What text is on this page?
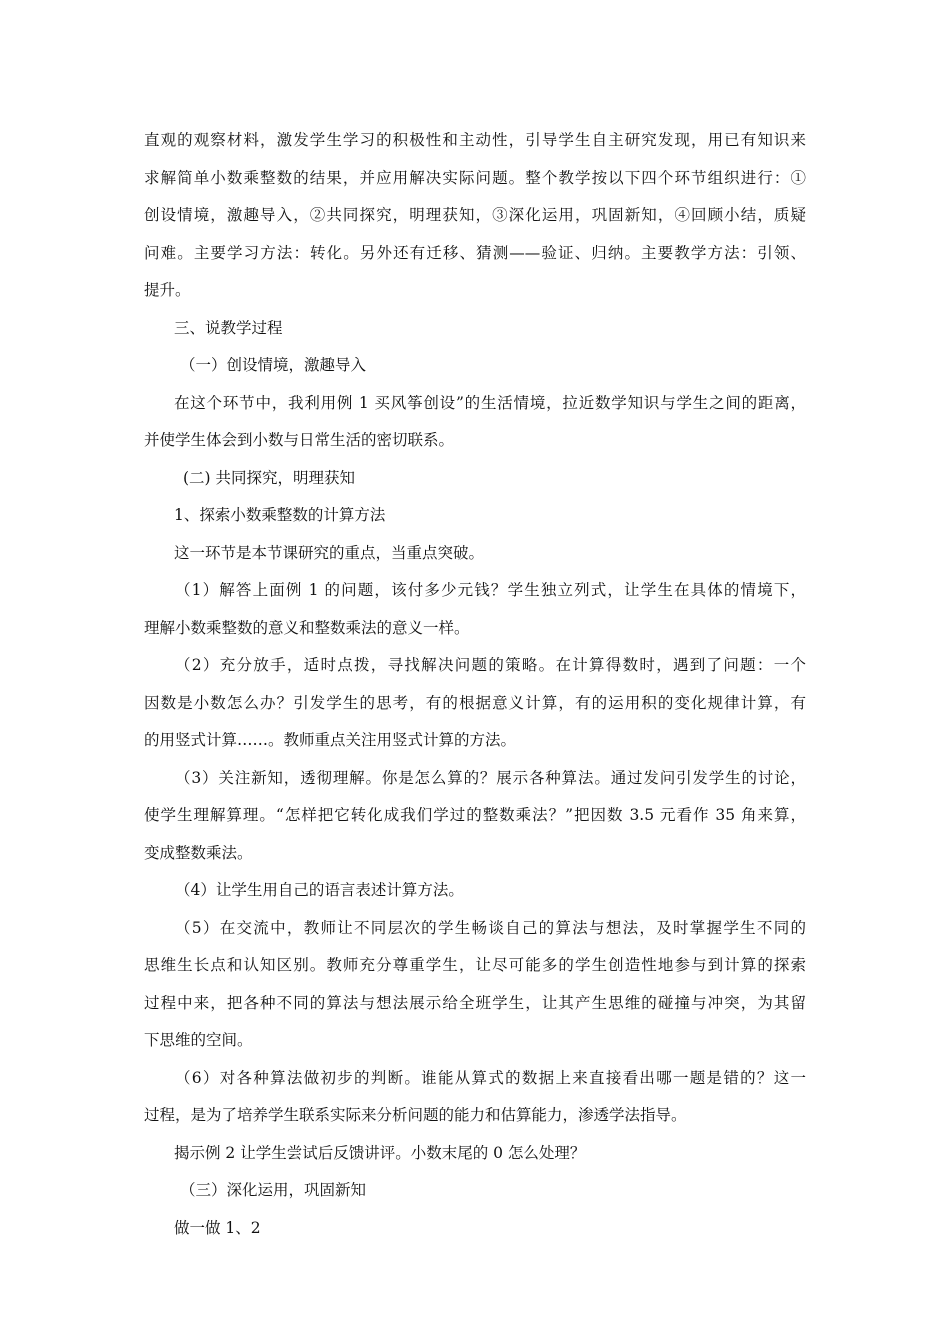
直观的观察材料，激发学生学习的积极性和主动性，引导学生自主研究发现，用已有知识来
求解简单小数乘整数的结果，并应用解决实际问题。整个教学按以下四个环节组织进行：①
创设情境，激趣导入，②共同探究，明理获知，③深化运用，巩固新知，④回顾小结，质疑
问难。主要学习方法：转化。另外还有迁移、猜测——验证、归纳。主要教学方法：引领、
提升。
三、说教学过程
（一）创设情境，激趣导入
在这个环节中，我利用例 1 买风筝创设”的生活情境，拉近数学知识与学生之间的距离，
并使学生体会到小数与日常生活的密切联系。
(二) 共同探究，明理获知
1、探索小数乘整数的计算方法
这一环节是本节课研究的重点，当重点突破。
（1）解答上面例 1 的问题，该付多少元钱？学生独立列式，让学生在具体的情境下，
理解小数乘整数的意义和整数乘法的意义一样。
（2）充分放手，适时点拨，寻找解决问题的策略。在计算得数时，遇到了问题：一个
因数是小数怎么办？引发学生的思考，有的根据意义计算，有的运用积的变化规律计算，有
的用竖式计算……。教师重点关注用竖式计算的方法。
（3）关注新知，透彻理解。你是怎么算的？展示各种算法。通过发问引发学生的讨论，
使学生理解算理。“怎样把它转化成我们学过的整数乘法？”把因数 3.5 元看作 35 角来算，
变成整数乘法。
（4）让学生用自己的语言表述计算方法。
（5）在交流中，教师让不同层次的学生畅谈自己的算法与想法，及时掌握学生不同的
思维生长点和认知区别。教师充分尊重学生，让尽可能多的学生创造性地参与到计算的探索
过程中来，把各种不同的算法与想法展示给全班学生，让其产生思维的碰撞与冲突，为其留
下思维的空间。
（6）对各种算法做初步的判断。谁能从算式的数据上来直接看出哪一题是错的？这一
过程，是为了培养学生联系实际来分析问题的能力和估算能力，渗透学法指导。
揭示例 2 让学生尝试后反馈讲评。小数末尾的 0 怎么处理？
（三）深化运用，巩固新知
做一做 1、2
